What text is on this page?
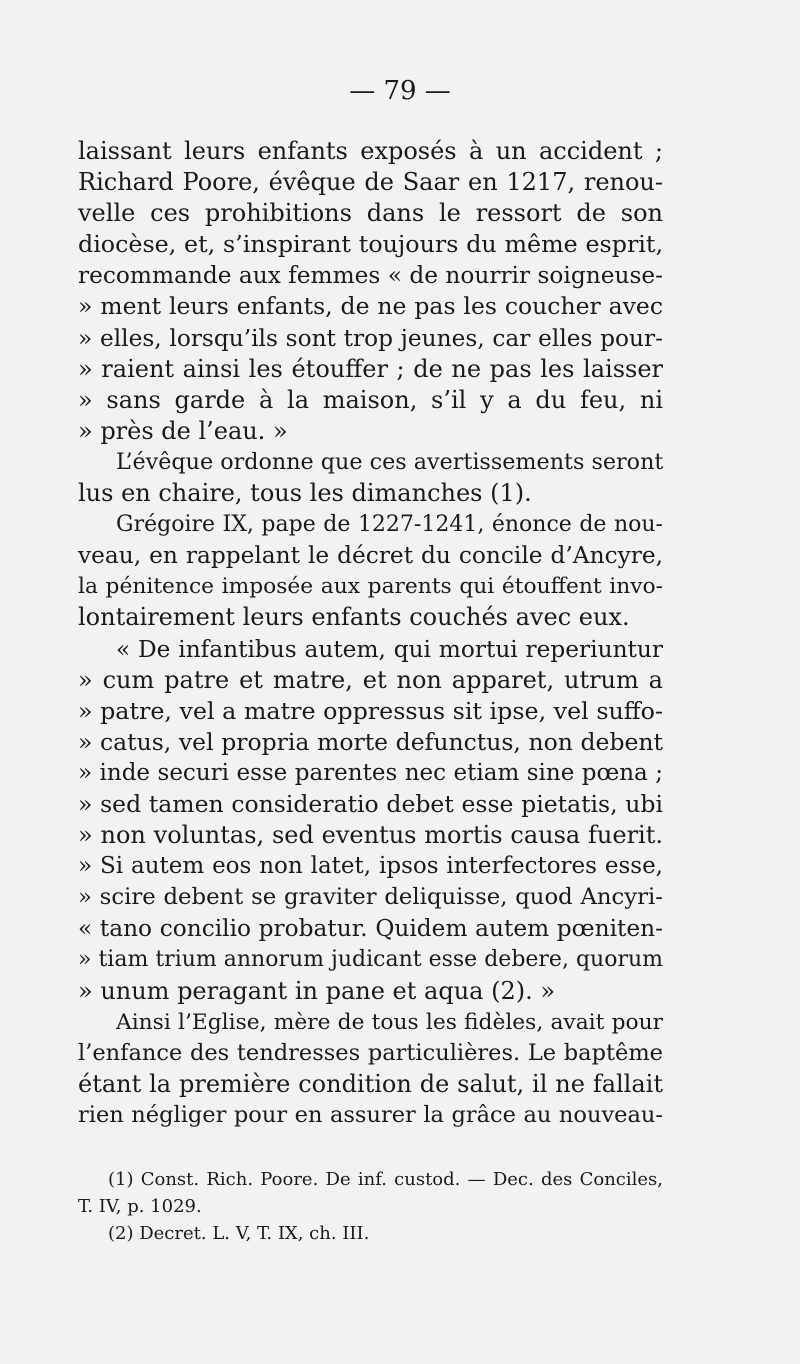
— 79 —
laissant leurs enfants exposés à un accident ;
Richard Poore, évêque de Saar en 1217, renou-
velle ces prohibitions dans le ressort de son
diocèse, et, s’inspirant toujours du même esprit,
recommande aux femmes « de nourrir soigneuse-
» ment leurs enfants, de ne pas les coucher avec
» elles, lorsqu’ils sont trop jeunes, car elles pour-
» raient ainsi les étouffer ; de ne pas les laisser
» sans garde à la maison, s’il y a du feu, ni
» près de l’eau. »
L’évêque ordonne que ces avertissements seront
lus en chaire, tous les dimanches (1).
Grégoire IX, pape de 1227-1241, énonce de nou-
veau, en rappelant le décret du concile d’Ancyre,
la pénitence imposée aux parents qui étouffent invo-
lontairement leurs enfants couchés avec eux.
« De infantibus autem, qui mortui reperiuntur
» cum patre et matre, et non apparet, utrum a
» patre, vel a matre oppressus sit ipse, vel suffo-
» catus, vel propria morte defunctus, non debent
» inde securi esse parentes nec etiam sine pœna ;
» sed tamen consideratio debet esse pietatis, ubi
» non voluntas, sed eventus mortis causa fuerit.
» Si autem eos non latet, ipsos interfectores esse,
» scire debent se graviter deliquisse, quod Ancyri-
« tano concilio probatur. Quidem autem pœniten-
» tiam trium annorum judicant esse debere, quorum
» unum peragant in pane et aqua (2). »
Ainsi l’Eglise, mère de tous les fidèles, avait pour
l’enfance des tendresses particulières. Le baptême
étant la première condition de salut, il ne fallait
rien négliger pour en assurer la grâce au nouveau-
(1) Const. Rich. Poore. De inf. custod. — Dec. des Conciles,
T. IV, p. 1029.
(2) Decret. L. V, T. IX, ch. III.
